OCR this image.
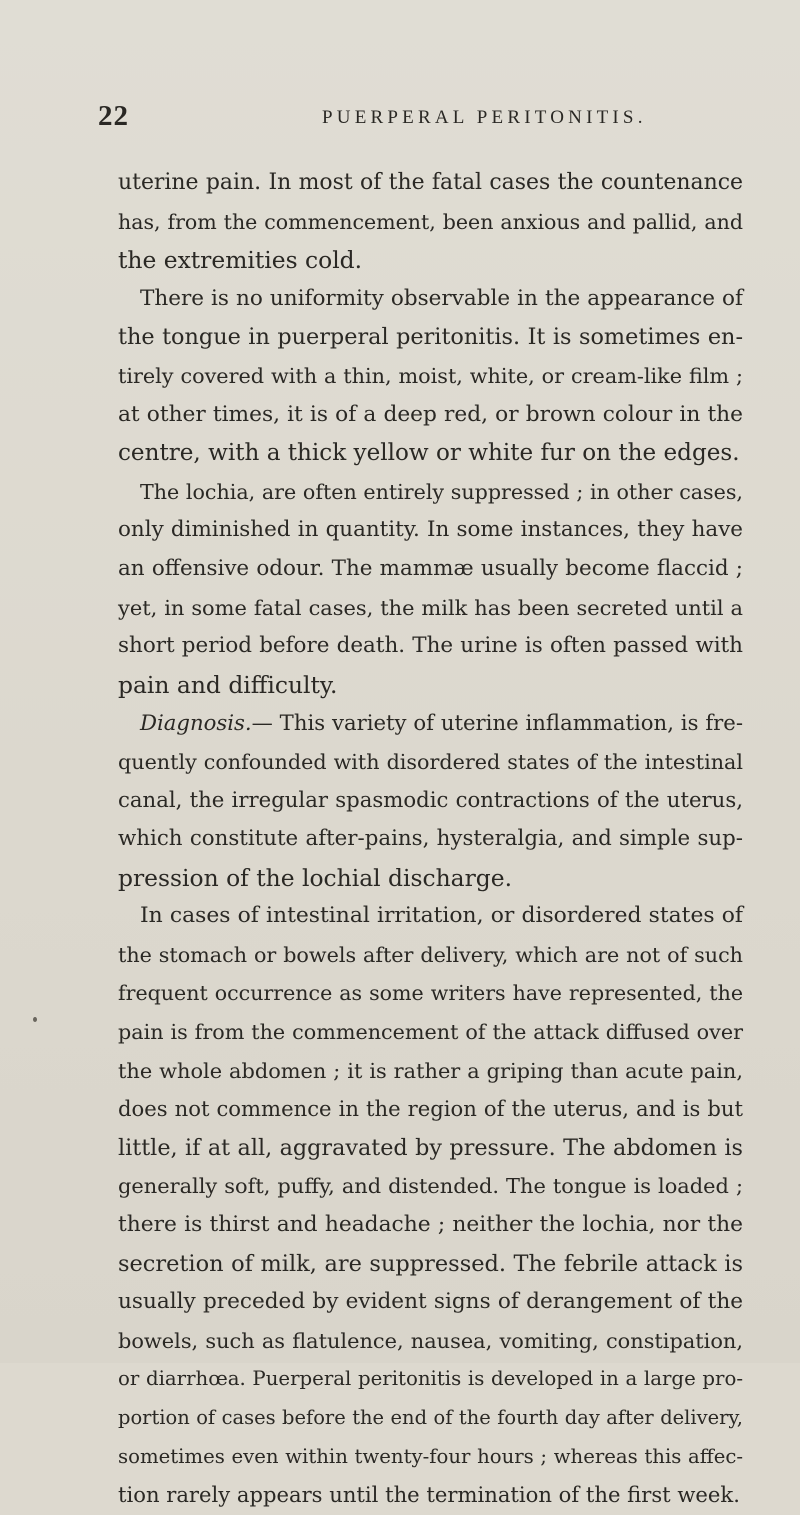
22	PUERPERAL PERITONITIS.
uterine pain. In most of the fatal cases the countenance
has, from the commencement, been anxious and pallid, and
the extremities cold.
There is no uniformity observable in the appearance of
the tongue in puerperal peritonitis. It is sometimes en-
tirely covered with a thin, moist, white, or cream-like film ;
at other times, it is of a deep red, or brown colour in the
centre, with a thick yellow or white fur on the edges.
The lochia, are often entirely suppressed ; in other cases,
only diminished in quantity. In some instances, they have
an offensive odour. The mammæ usually become flaccid ;
yet, in some fatal cases, the milk has been secreted until a
short period before death. The urine is often passed with
pain and difficulty.
Diagnosis.— This variety of uterine inflammation, is fre-
quently confounded with disordered states of the intestinal
canal, the irregular spasmodic contractions of the uterus,
which constitute after-pains, hysteralgia, and simple sup-
pression of the lochial discharge.
In cases of intestinal irritation, or disordered states of
the stomach or bowels after delivery, which are not of such
frequent occurrence as some writers have represented, the
pain is from the commencement of the attack diffused over
the whole abdomen ; it is rather a griping than acute pain,
does not commence in the region of the uterus, and is but
little, if at all, aggravated by pressure. The abdomen is
generally soft, puffy, and distended. The tongue is loaded ;
there is thirst and headache ; neither the lochia, nor the
secretion of milk, are suppressed. The febrile attack is
usually preceded by evident signs of derangement of the
bowels, such as flatulence, nausea, vomiting, constipation,
or diarrhœa. Puerperal peritonitis is developed in a large pro-
portion of cases before the end of the fourth day after delivery,
sometimes even within twenty-four hours ; whereas this affec-
tion rarely appears until the termination of the first week.
